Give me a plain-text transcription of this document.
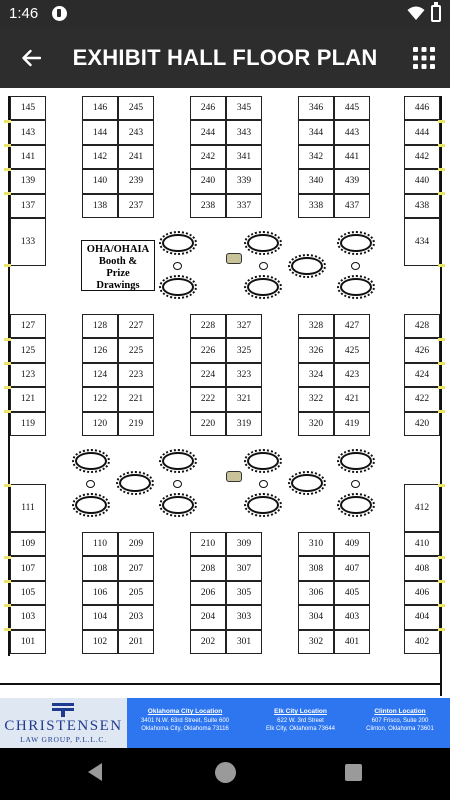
1:46
EXHIBIT HALL FLOOR PLAN
133	434
111	412
OHA/OHAIA
Booth &
Prize
Drawings
145
143
141
139
137
146
144
142
140
138
245
243
241
239
237
246
244
242
240
238
345
343
341
339
337
346
344
342
340
338
445
443
441
439
437
446
444
442
440
438
127
125
123
121
119
128
126
124
122
120
227
225
223
221
219
228
226
224
222
220
327
325
323
321
319
328
326
324
322
320
427
425
423
421
419
428
426
424
422
420
109
107
105
103
101
110
108
106
104
102
209
207
205
203
201
210
208
206
204
202
309
307
305
303
301
310
308
306
304
302
409
407
405
403
401
410
408
406
404
402
CHRISTENSEN
LAW GROUP, P.L.L.C.
Oklahoma City Location
3401 N.W. 63rd Street, Suite 600
Oklahoma City, Oklahoma 73116
Elk City Location
622 W. 3rd Street
Elk City, Oklahoma 73644
Clinton Location
607 Frisco, Suite 200
Clinton, Oklahoma 73601
